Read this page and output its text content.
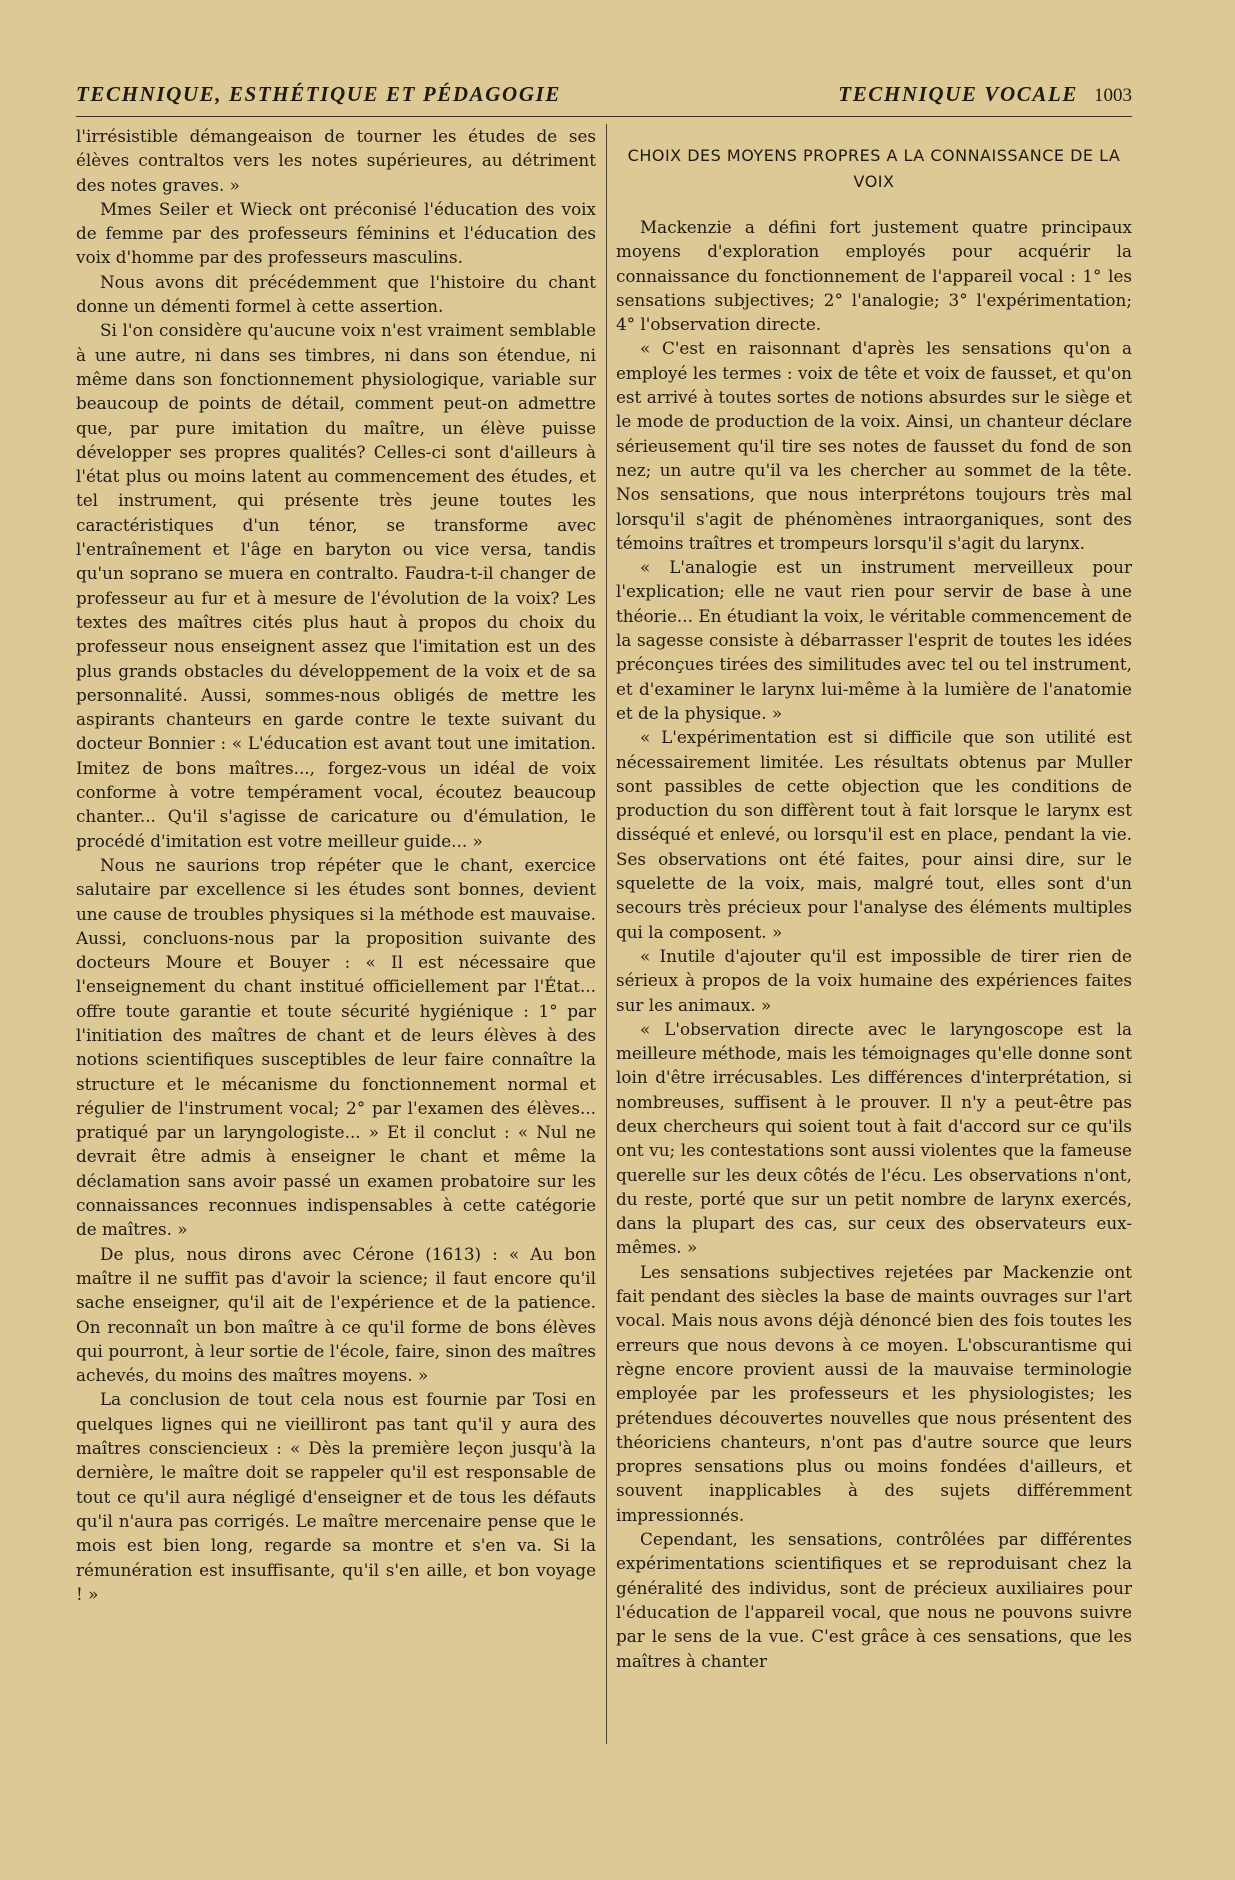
TECHNIQUE, ESTHÉTIQUE ET PÉDAGOGIE	TECHNIQUE VOCALE 1003

l'irrésistible démangeaison de tourner les études de ses élèves contraltos vers les notes supérieures, au détriment des notes graves. »

Mmes Seiler et Wieck ont préconisé l'éducation des voix de femme par des professeurs féminins et l'éducation des voix d'homme par des professeurs masculins.

Nous avons dit précédemment que l'histoire du chant donne un démenti formel à cette assertion.

Si l'on considère qu'aucune voix n'est vraiment semblable à une autre, ni dans ses timbres, ni dans son étendue, ni même dans son fonctionnement physiologique, variable sur beaucoup de points de détail, comment peut-on admettre que, par pure imitation du maître, un élève puisse développer ses propres qualités? Celles-ci sont d'ailleurs à l'état plus ou moins latent au commencement des études, et tel instrument, qui présente très jeune toutes les caractéristiques d'un ténor, se transforme avec l'entraînement et l'âge en baryton ou vice versa, tandis qu'un soprano se muera en contralto. Faudra-t-il changer de professeur au fur et à mesure de l'évolution de la voix? Les textes des maîtres cités plus haut à propos du choix du professeur nous enseignent assez que l'imitation est un des plus grands obstacles du développement de la voix et de sa personnalité. Aussi, sommes-nous obligés de mettre les aspirants chanteurs en garde contre le texte suivant du docteur Bonnier : « L'éducation est avant tout une imitation. Imitez de bons maîtres..., forgez-vous un idéal de voix conforme à votre tempérament vocal, écoutez beaucoup chanter... Qu'il s'agisse de caricature ou d'émulation, le procédé d'imitation est votre meilleur guide... »

Nous ne saurions trop répéter que le chant, exercice salutaire par excellence si les études sont bonnes, devient une cause de troubles physiques si la méthode est mauvaise. Aussi, concluons-nous par la proposition suivante des docteurs Moure et Bouyer : « Il est nécessaire que l'enseignement du chant institué officiellement par l'État... offre toute garantie et toute sécurité hygiénique : 1° par l'initiation des maîtres de chant et de leurs élèves à des notions scientifiques susceptibles de leur faire connaître la structure et le mécanisme du fonctionnement normal et régulier de l'instrument vocal; 2° par l'examen des élèves... pratiqué par un laryngologiste... » Et il conclut : « Nul ne devrait être admis à enseigner le chant et même la déclamation sans avoir passé un examen probatoire sur les connaissances reconnues indispensables à cette catégorie de maîtres. »

De plus, nous dirons avec Cérone (1613) : « Au bon maître il ne suffit pas d'avoir la science; il faut encore qu'il sache enseigner, qu'il ait de l'expérience et de la patience. On reconnaît un bon maître à ce qu'il forme de bons élèves qui pourront, à leur sortie de l'école, faire, sinon des maîtres achevés, du moins des maîtres moyens. »

La conclusion de tout cela nous est fournie par Tosi en quelques lignes qui ne vieilliront pas tant qu'il y aura des maîtres consciencieux : « Dès la première leçon jusqu'à la dernière, le maître doit se rappeler qu'il est responsable de tout ce qu'il aura négligé d'enseigner et de tous les défauts qu'il n'aura pas corrigés. Le maître mercenaire pense que le mois est bien long, regarde sa montre et s'en va. Si la rémunération est insuffisante, qu'il s'en aille, et bon voyage ! »

CHOIX DES MOYENS PROPRES A LA CONNAISSANCE DE LA VOIX

Mackenzie a défini fort justement quatre principaux moyens d'exploration employés pour acquérir la connaissance du fonctionnement de l'appareil vocal : 1° les sensations subjectives; 2° l'analogie; 3° l'expérimentation; 4° l'observation directe.

« C'est en raisonnant d'après les sensations qu'on a employé les termes : voix de tête et voix de fausset, et qu'on est arrivé à toutes sortes de notions absurdes sur le siège et le mode de production de la voix. Ainsi, un chanteur déclare sérieusement qu'il tire ses notes de fausset du fond de son nez; un autre qu'il va les chercher au sommet de la tête. Nos sensations, que nous interprétons toujours très mal lorsqu'il s'agit de phénomènes intraorganiques, sont des témoins traîtres et trompeurs lorsqu'il s'agit du larynx.

« L'analogie est un instrument merveilleux pour l'explication; elle ne vaut rien pour servir de base à une théorie... En étudiant la voix, le véritable commencement de la sagesse consiste à débarrasser l'esprit de toutes les idées préconçues tirées des similitudes avec tel ou tel instrument, et d'examiner le larynx lui-même à la lumière de l'anatomie et de la physique. »

« L'expérimentation est si difficile que son utilité est nécessairement limitée. Les résultats obtenus par Muller sont passibles de cette objection que les conditions de production du son diffèrent tout à fait lorsque le larynx est disséqué et enlevé, ou lorsqu'il est en place, pendant la vie. Ses observations ont été faites, pour ainsi dire, sur le squelette de la voix, mais, malgré tout, elles sont d'un secours très précieux pour l'analyse des éléments multiples qui la composent. »

« Inutile d'ajouter qu'il est impossible de tirer rien de sérieux à propos de la voix humaine des expériences faites sur les animaux. »

« L'observation directe avec le laryngoscope est la meilleure méthode, mais les témoignages qu'elle donne sont loin d'être irrécusables. Les différences d'interprétation, si nombreuses, suffisent à le prouver. Il n'y a peut-être pas deux chercheurs qui soient tout à fait d'accord sur ce qu'ils ont vu; les contestations sont aussi violentes que la fameuse querelle sur les deux côtés de l'écu. Les observations n'ont, du reste, porté que sur un petit nombre de larynx exercés, dans la plupart des cas, sur ceux des observateurs eux-mêmes. »

Les sensations subjectives rejetées par Mackenzie ont fait pendant des siècles la base de maints ouvrages sur l'art vocal. Mais nous avons déjà dénoncé bien des fois toutes les erreurs que nous devons à ce moyen. L'obscurantisme qui règne encore provient aussi de la mauvaise terminologie employée par les professeurs et les physiologistes; les prétendues découvertes nouvelles que nous présentent des théoriciens chanteurs, n'ont pas d'autre source que leurs propres sensations plus ou moins fondées d'ailleurs, et souvent inapplicables à des sujets différemment impressionnés.

Cependant, les sensations, contrôlées par différentes expérimentations scientifiques et se reproduisant chez la généralité des individus, sont de précieux auxiliaires pour l'éducation de l'appareil vocal, que nous ne pouvons suivre par le sens de la vue. C'est grâce à ces sensations, que les maîtres à chanter
